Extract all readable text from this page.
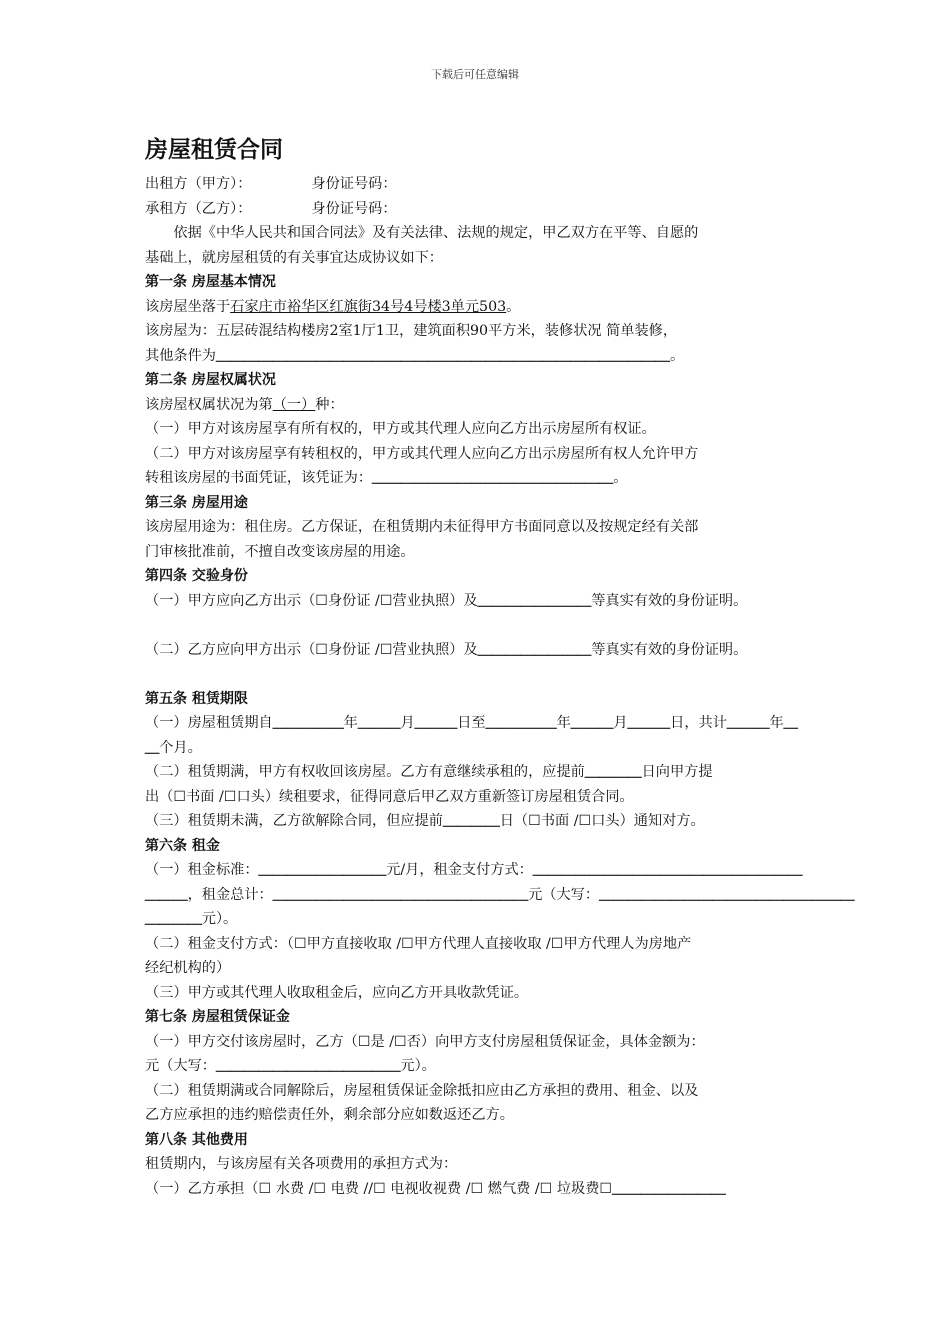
下载后可任意编辑
房屋租赁合同
出租方（甲方）：	身份证号码：
承租方（乙方）：	身份证号码：
依据《中华人民共和国合同法》及有关法律、法规的规定，甲乙双方在平等、自愿的
基础上，就房屋租赁的有关事宜达成协议如下：
第一条 房屋基本情况
该房屋坐落于石家庄市裕华区红旗街34号4号楼3单元503。
该房屋为：五层砖混结构楼房2室1厅1卫，建筑面积90平方米，装修状况 简单装修，
其他条件为＿＿＿＿＿＿＿＿＿＿＿＿＿＿＿＿＿＿＿＿＿＿＿＿＿＿＿＿＿＿＿＿。
第二条 房屋权属状况
该房屋权属状况为第（一）种：
（一）甲方对该房屋享有所有权的，甲方或其代理人应向乙方出示房屋所有权证。
（二）甲方对该房屋享有转租权的，甲方或其代理人应向乙方出示房屋所有权人允许甲方
转租该房屋的书面凭证，该凭证为：＿＿＿＿＿＿＿＿＿＿＿＿＿＿＿＿＿。
第三条 房屋用途
该房屋用途为：租住房。乙方保证，在租赁期内未征得甲方书面同意以及按规定经有关部
门审核批准前，不擅自改变该房屋的用途。
第四条 交验身份
（一）甲方应向乙方出示（☐身份证 /☐营业执照）及＿＿＿＿＿＿＿＿等真实有效的身份证明。
（二）乙方应向甲方出示（☐身份证 /☐营业执照）及＿＿＿＿＿＿＿＿等真实有效的身份证明。
第五条 租赁期限
（一）房屋租赁期自＿＿＿＿＿年＿＿＿月＿＿＿日至＿＿＿＿＿年＿＿＿月＿＿＿日，共计＿＿＿年＿
＿个月。
（二）租赁期满，甲方有权收回该房屋。乙方有意继续承租的，应提前＿＿＿＿日向甲方提
出（☐书面 /☐口头）续租要求，征得同意后甲乙双方重新签订房屋租赁合同。
（三）租赁期未满，乙方欲解除合同，但应提前＿＿＿＿日（☐书面 /☐口头）通知对方。
第六条 租金
（一）租金标准：＿＿＿＿＿＿＿＿＿元/月，租金支付方式：＿＿＿＿＿＿＿＿＿＿＿＿＿＿＿＿＿＿＿
＿＿＿，租金总计：＿＿＿＿＿＿＿＿＿＿＿＿＿＿＿＿＿＿元（大写：＿＿＿＿＿＿＿＿＿＿＿＿＿＿＿＿＿＿
＿＿＿＿元）。
（二）租金支付方式：（☐甲方直接收取 /☐甲方代理人直接收取 /☐甲方代理人为房地产
经纪机构的）
（三）甲方或其代理人收取租金后，应向乙方开具收款凭证。
第七条 房屋租赁保证金
（一）甲方交付该房屋时，乙方（☐是 /☐否）向甲方支付房屋租赁保证金，具体金额为：
元（大写：＿＿＿＿＿＿＿＿＿＿＿＿＿元）。
（二）租赁期满或合同解除后，房屋租赁保证金除抵扣应由乙方承担的费用、租金、以及
乙方应承担的违约赔偿责任外，剩余部分应如数返还乙方。
第八条 其他费用
租赁期内，与该房屋有关各项费用的承担方式为：
（一）乙方承担（☐ 水费 /☐ 电费 //☐ 电视收视费 /☐ 燃气费 /☐ 垃圾费☐＿＿＿＿＿＿＿＿
